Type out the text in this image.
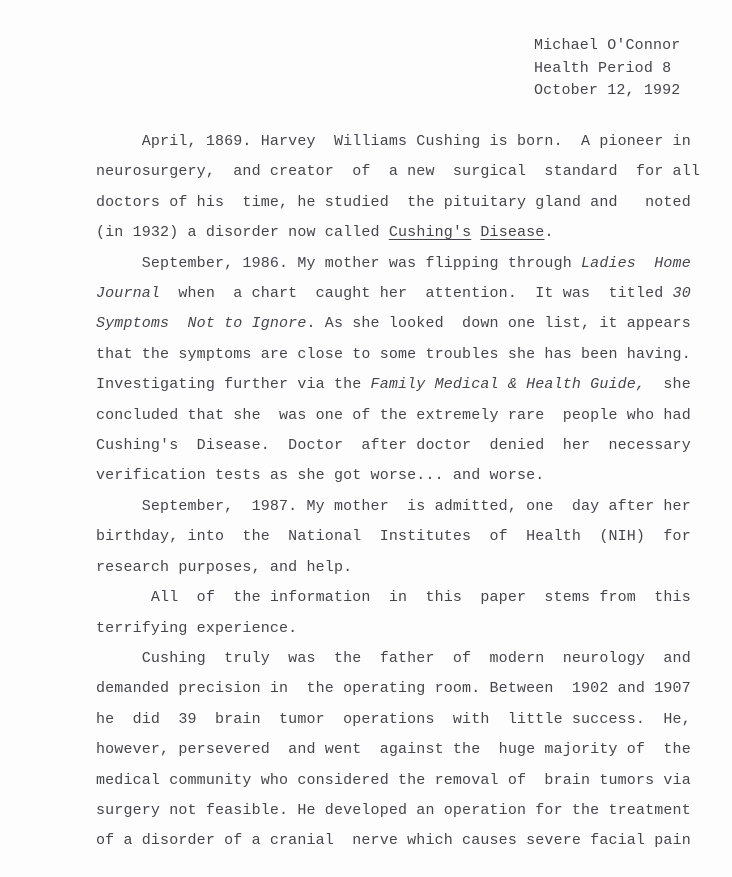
Michael O'Connor
Health Period 8
October 12, 1992
April, 1869. Harvey  Williams Cushing is born.  A pioneer in
neurosurgery,  and creator  of  a new  surgical  standard  for all
doctors of his  time, he studied  the pituitary gland and   noted
(in 1932) a disorder now called Cushing's Disease.
September, 1986. My mother was flipping through Ladies  Home
Journal  when  a chart  caught her  attention.  It was  titled 30
Symptoms  Not to Ignore. As she looked  down one list, it appears
that the symptoms are close to some troubles she has been having.
Investigating further via the Family Medical & Health Guide,  she
concluded that she  was one of the extremely rare  people who had
Cushing's  Disease.  Doctor  after doctor  denied  her  necessary
verification tests as she got worse... and worse.
September,  1987. My mother  is admitted, one  day after her
birthday, into  the  National  Institutes  of  Health  (NIH)  for
research purposes, and help.
All  of  the information  in  this  paper  stems from  this
terrifying experience.
Cushing  truly  was  the  father  of  modern  neurology  and
demanded precision in  the operating room. Between  1902 and 1907
he  did  39  brain  tumor  operations  with  little success.  He,
however, persevered  and went  against the  huge majority of  the
medical community who considered the removal of  brain tumors via
surgery not feasible. He developed an operation for the treatment
of a disorder of a cranial  nerve which causes severe facial pain
